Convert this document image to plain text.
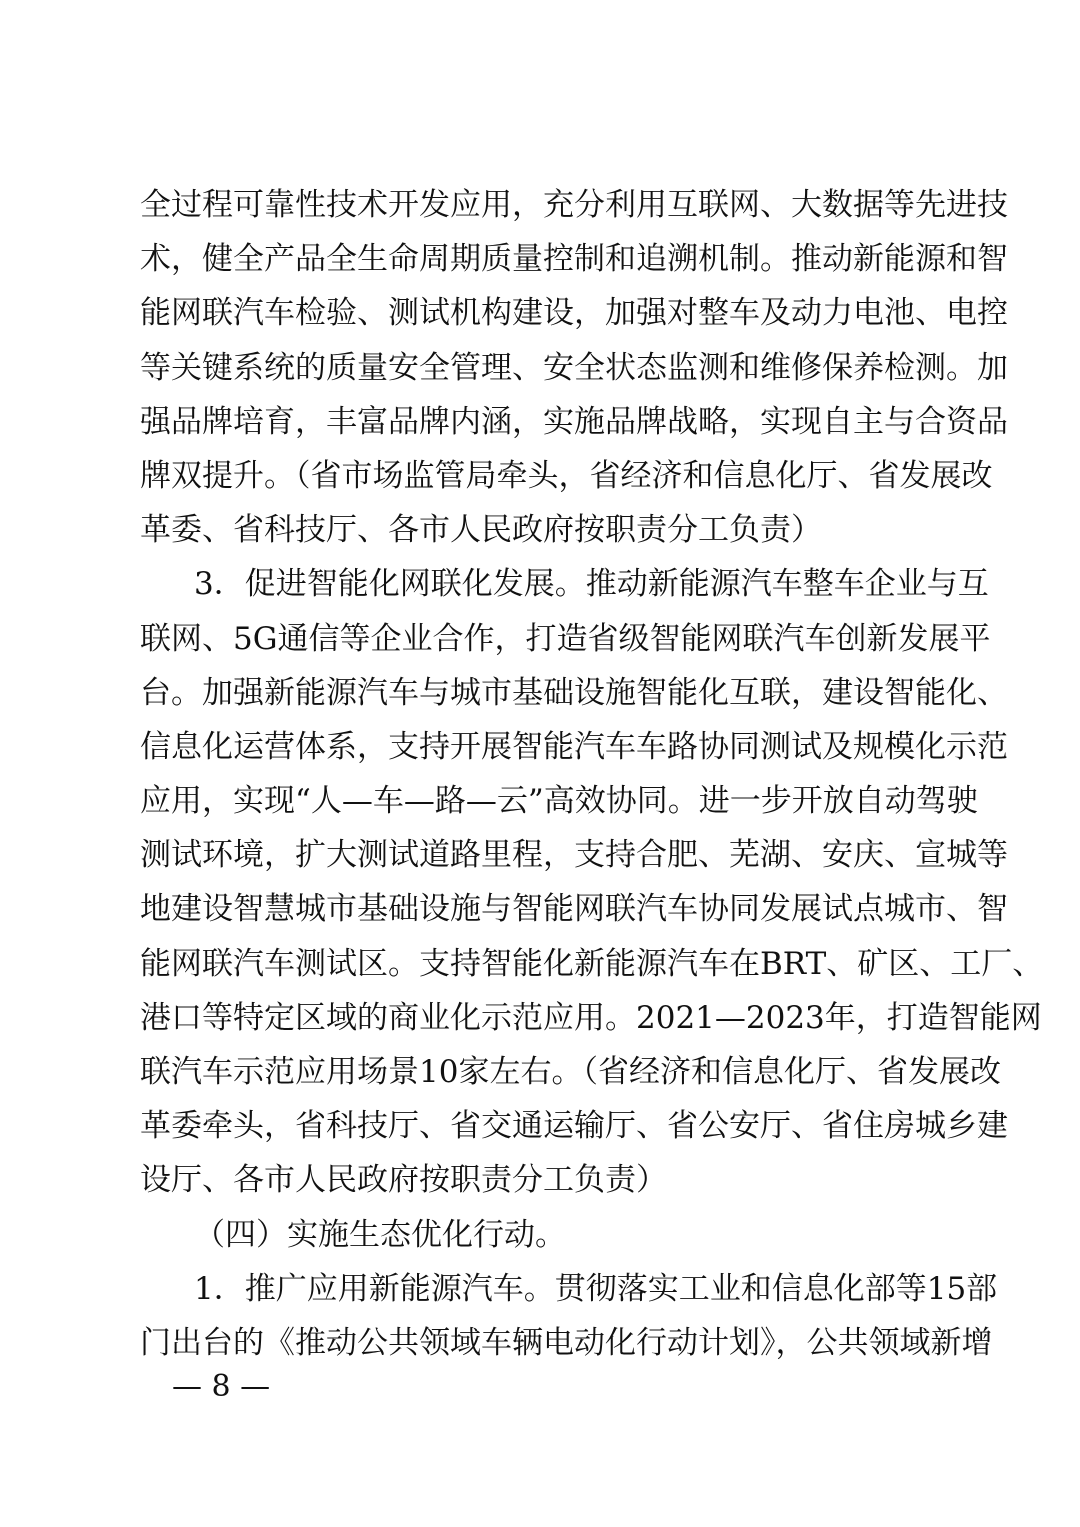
全过程可靠性技术开发应用，充分利用互联网、大数据等先进技
术，健全产品全生命周期质量控制和追溯机制。推动新能源和智
能网联汽车检验、测试机构建设，加强对整车及动力电池、电控
等关键系统的质量安全管理、安全状态监测和维修保养检测。加
强品牌培育，丰富品牌内涵，实施品牌战略，实现自主与合资品
牌双提升。（省市场监管局牵头，省经济和信息化厅、省发展改
革委、省科技厅、各市人民政府按职责分工负责）
3．促进智能化网联化发展。推动新能源汽车整车企业与互
联网、5G通信等企业合作，打造省级智能网联汽车创新发展平
台。加强新能源汽车与城市基础设施智能化互联，建设智能化、
信息化运营体系，支持开展智能汽车车路协同测试及规模化示范
应用，实现“人—车—路—云”高效协同。进一步开放自动驾驶
测试环境，扩大测试道路里程，支持合肥、芜湖、安庆、宣城等
地建设智慧城市基础设施与智能网联汽车协同发展试点城市、智
能网联汽车测试区。支持智能化新能源汽车在BRT、矿区、工厂、
港口等特定区域的商业化示范应用。2021—2023年，打造智能网
联汽车示范应用场景10家左右。（省经济和信息化厅、省发展改
革委牵头，省科技厅、省交通运输厅、省公安厅、省住房城乡建
设厅、各市人民政府按职责分工负责）
（四）实施生态优化行动。
1．推广应用新能源汽车。贯彻落实工业和信息化部等15部
门出台的《推动公共领域车辆电动化行动计划》，公共领域新增
— 8 —
